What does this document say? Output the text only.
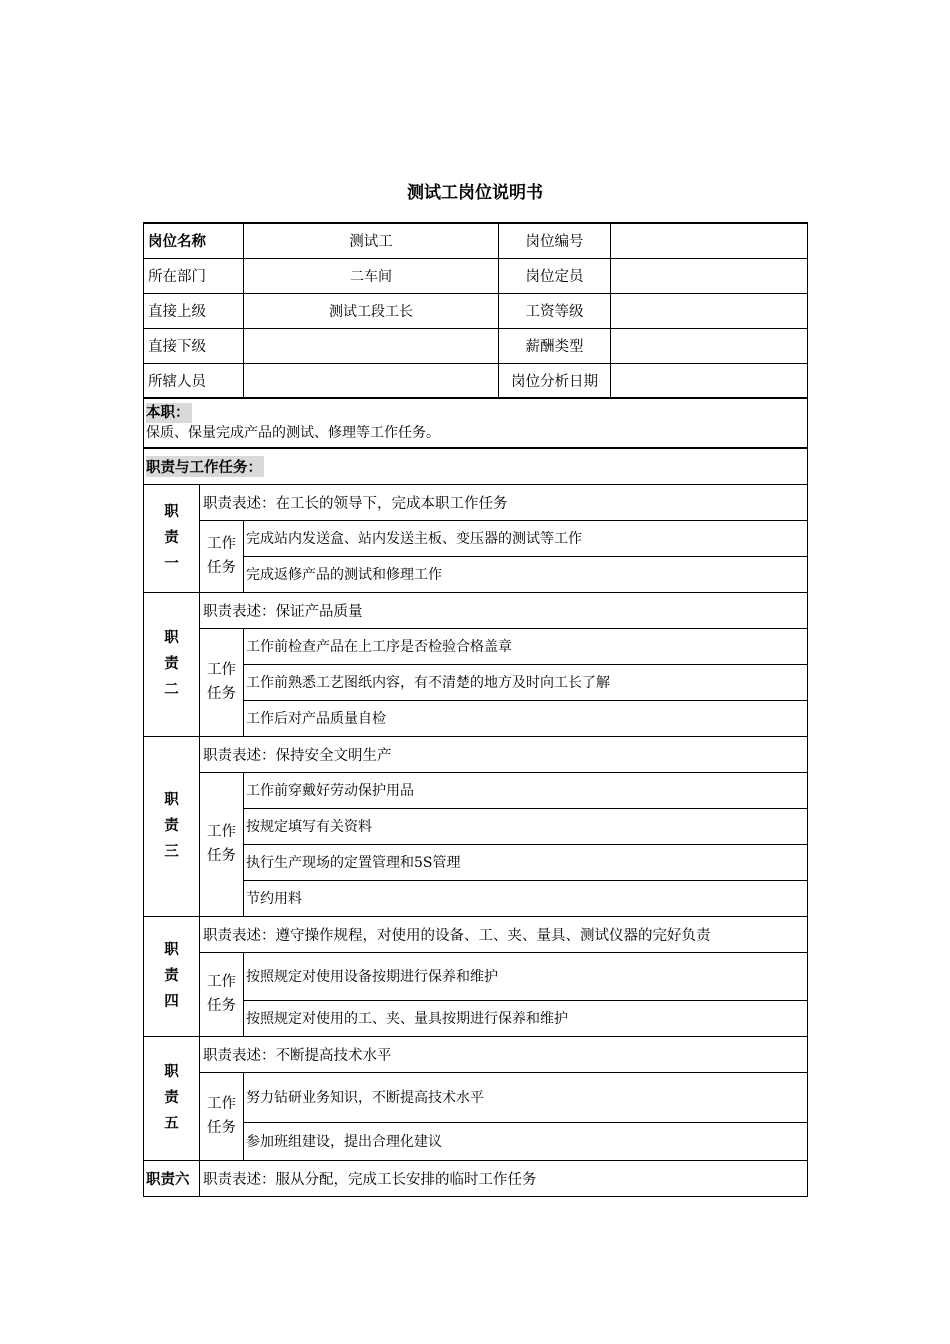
测试工岗位说明书
岗位名称		测试工	岗位编号	
所在部门		二车间	岗位定员	
直接上级		测试工段工长	工资等级	
直接下级			薪酬类型	
所辖人员			岗位分析日期	

本职：
保质、保量完成产品的测试、修理等工作任务。				

职责与工作任务：				
职责一	职责表述：在工长的领导下，完成本职工作任务			
	工作任务	完成站内发送盒、站内发送主板、变压器的测试等工作		
		完成返修产品的测试和修理工作		
职责二	职责表述：保证产品质量			
	工作任务	工作前检查产品在上工序是否检验合格盖章		
		工作前熟悉工艺图纸内容，有不清楚的地方及时向工长了解		
		工作后对产品质量自检		
职责三	职责表述：保持安全文明生产			
	工作任务	工作前穿戴好劳动保护用品		
		按规定填写有关资料		
		执行生产现场的定置管理和5S管理		
		节约用料		
职责四	职责表述：遵守操作规程，对使用的设备、工、夹、量具、测试仪器的完好负责			
	工作任务	按照规定对使用设备按期进行保养和维护		
		按照规定对使用的工、夹、量具按期进行保养和维护		
职责五	职责表述：不断提高技术水平			
	工作任务	努力钻研业务知识，不断提高技术水平		
		参加班组建设，提出合理化建议		
职责六	职责表述：服从分配，完成工长安排的临时工作任务			
